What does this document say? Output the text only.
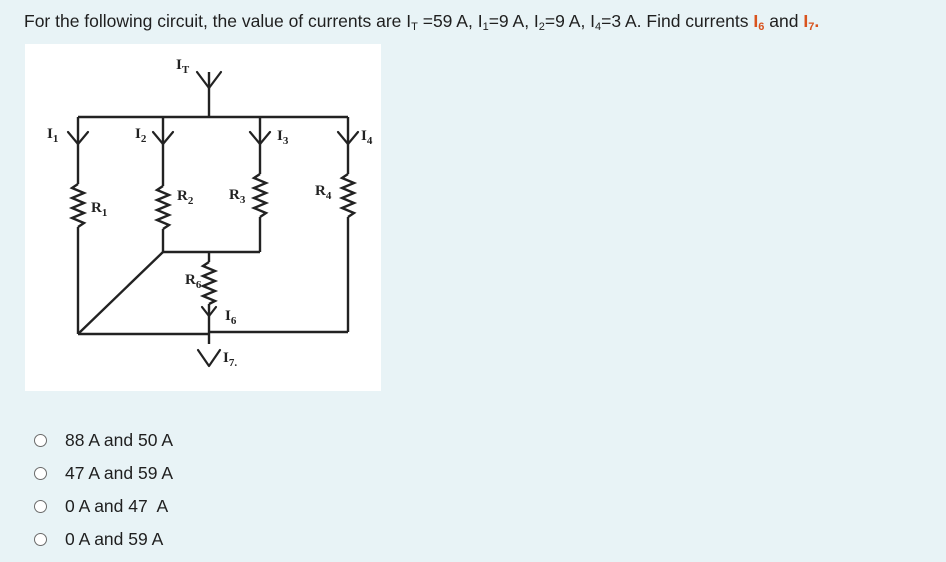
For the following circuit, the value of currents are $I_T =59$ A, $I_1=9$ A, $I_2=9$ A, $I_4=3$ A. Find currents $I_6$ and $I_7$.
$I_T$
$I_1$	$I_2$	$I_3$	$I_4$
$I_6$
$I_{7.}$
$R_1$
$R_2$ $R_3$
$R_4$
$R_6$
88 A and 50 A
47 A and 59 A
0 A and 47  A
0 A and 59 A
